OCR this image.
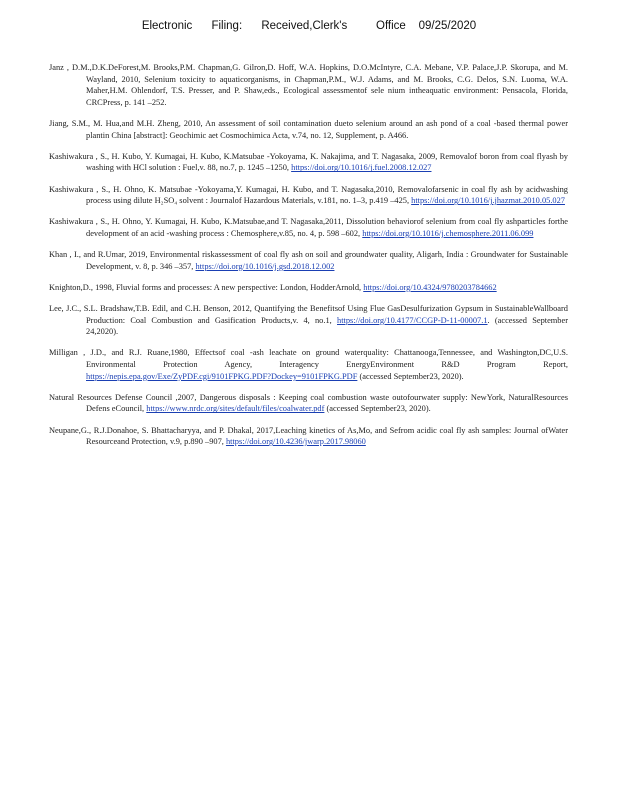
Electronic      Filing:      Received,Clerk's         Office    09/25/2020

Janz , D.M.,D.K.DeForest,M. Brooks,P.M. Chapman,G. Gilron,D. Hoff, W.A. Hopkins, D.O.McIntyre, C.A. Mebane, V.P. Palace,J.P. Skorupa, and M. Wayland, 2010, Selenium toxicity to aquaticorganisms, in Chapman,P.M., W.J. Adams, and M. Brooks, C.G. Delos, S.N. Luoma, W.A. Maher,H.M. Ohlendorf, T.S. Presser, and P. Shaw,eds., Ecological assessmentof sele nium intheaquatic environment: Pensacola, Florida, CRCPress, p. 141 –252.

Jiang, S.M., M. Hua,and M.H. Zheng, 2010, An assessment of soil contamination dueto selenium around an ash pond of a coal -based thermal power plantin China [abstract]: Geochimic aet Cosmochimica Acta, v.74, no. 12, Supplement, p. A466.

Kashiwakura , S., H. Kubo, Y. Kumagai, H. Kubo, K.Matsubae -Yokoyama, K. Nakajima, and T. Nagasaka, 2009, Removalof boron from coal flyash by washing with HCl solution : Fuel,v. 88, no.7, p. 1245 –1250, https://doi.org/10.1016/j.fuel.2008.12.027

Kashiwakura , S., H. Ohno, K. Matsubae -Yokoyama,Y. Kumagai, H. Kubo, and T. Nagasaka,2010, Removalofarsenic in coal fly ash by acidwashing process using dilute H₂SO₄ solvent : Journalof Hazardous Materials, v.181, no. 1–3, p.419 –425, https://doi.org/10.1016/j.jhazmat.2010.05.027

Kashiwakura , S., H. Ohno, Y. Kumagai, H. Kubo, K.Matsubae,and T. Nagasaka,2011, Dissolution behaviorof selenium from coal fly ashparticles forthe development of an acid -washing process : Chemosphere,v.85, no. 4, p. 598 –602, https://doi.org/10.1016/j.chemosphere.2011.06.099

Khan , I., and R.Umar, 2019, Environmental riskassessment of coal fly ash on soil and groundwater quality, Aligarh, India : Groundwater for Sustainable Development, v. 8, p. 346 –357, https://doi.org/10.1016/j.gsd.2018.12.002

Knighton,D., 1998, Fluvial forms and processes: A new perspective: London, HodderArnold, https://doi.org/10.4324/9780203784662

Lee, J.C., S.L. Bradshaw,T.B. Edil, and C.H. Benson, 2012, Quantifying the Benefitsof Using Flue GasDesulfurization Gypsum in SustainableWallboard Production: Coal Combustion and Gasification Products,v. 4, no.1, https://doi.org/10.4177/CCGP-D-11-00007.1. (accessed September 24,2020).

Milligan , J.D., and R.J. Ruane,1980, Effectsof coal -ash leachate on ground waterquality: Chattanooga,Tennessee, and Washington,DC,U.S. Environmental Protection Agency, Interagency EnergyEnvironment R&D Program Report, https://nepis.epa.gov/Exe/ZyPDF.cgi/9101FPKG.PDF?Dockey=9101FPKG.PDF (accessed September23, 2020).

Natural Resources Defense Council ,2007, Dangerous disposals : Keeping coal combustion waste outofourwater supply: NewYork, NaturalResources Defens eCouncil, https://www.nrdc.org/sites/default/files/coalwater.pdf (accessed September23, 2020).

Neupane,G., R.J.Donahoe, S. Bhattacharyya, and P. Dhakal, 2017,Leaching kinetics of As,Mo, and Sefrom acidic coal fly ash samples: Journal ofWater Resourceand Protection, v.9, p.890 –907, https://doi.org/10.4236/jwarp.2017.98060
